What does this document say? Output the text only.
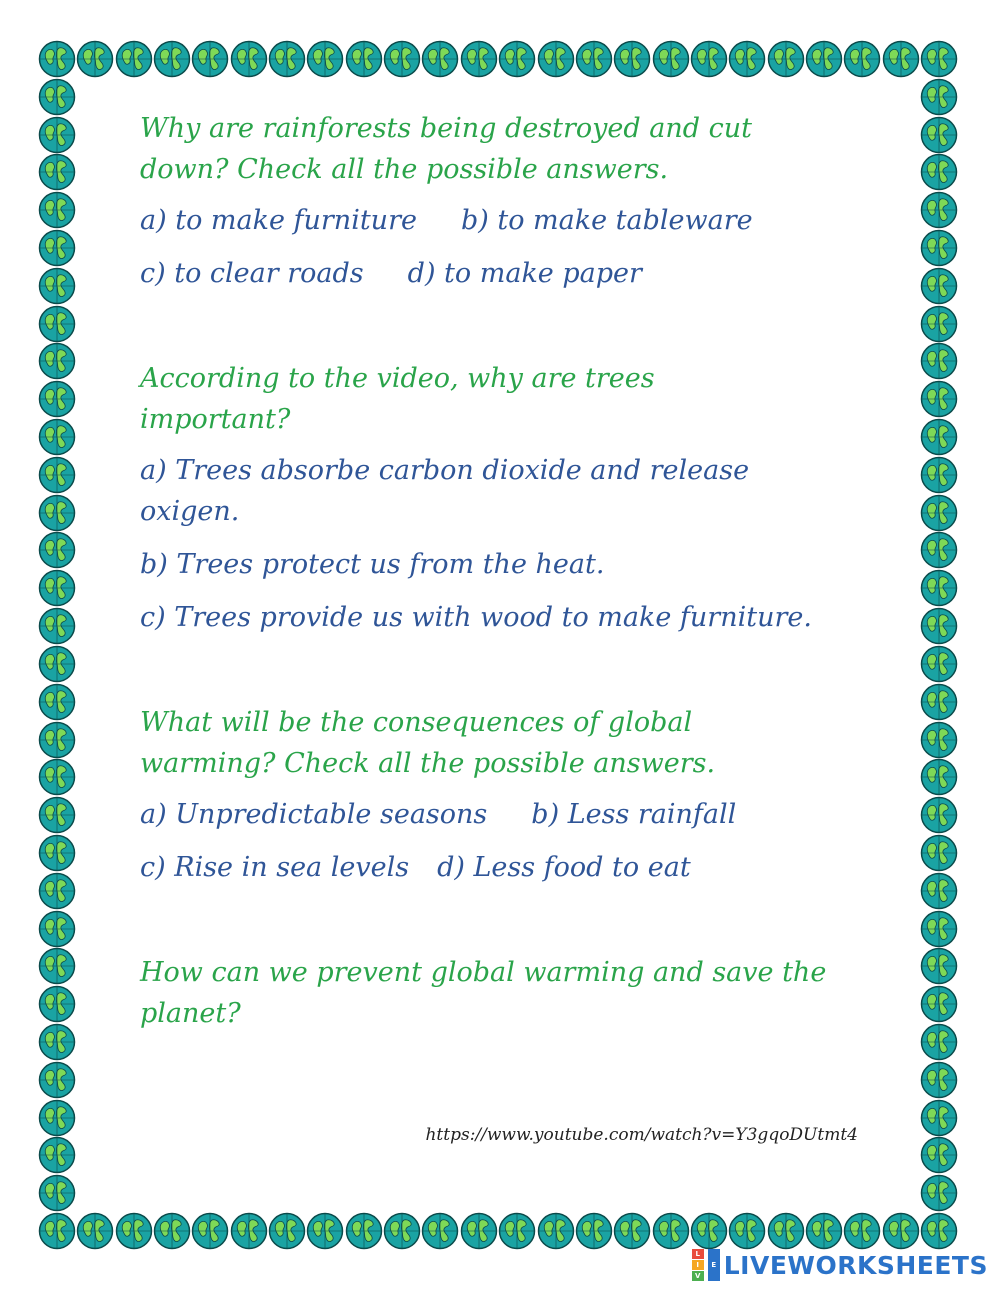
Why are rainforests being destroyed and cut down? Check all the possible answers.

a) to make furniture b) to make tableware

c) to clear roads d) to make paper

According to the video, why are trees important?

a) Trees absorbe carbon dioxide and release oxigen.

b) Trees protect us from the heat.

c) Trees provide us with wood to make furniture.

What will be the consequences of global warming? Check all the possible answers.

a) Unpredictable seasons b) Less rainfall

c) Rise in sea levels d) Less food to eat

How can we prevent global warming and save the planet?

https://www.youtube.com/watch?v=Y3gqoDUtmt4
L
I
V
E LIVEWORKSHEETS
